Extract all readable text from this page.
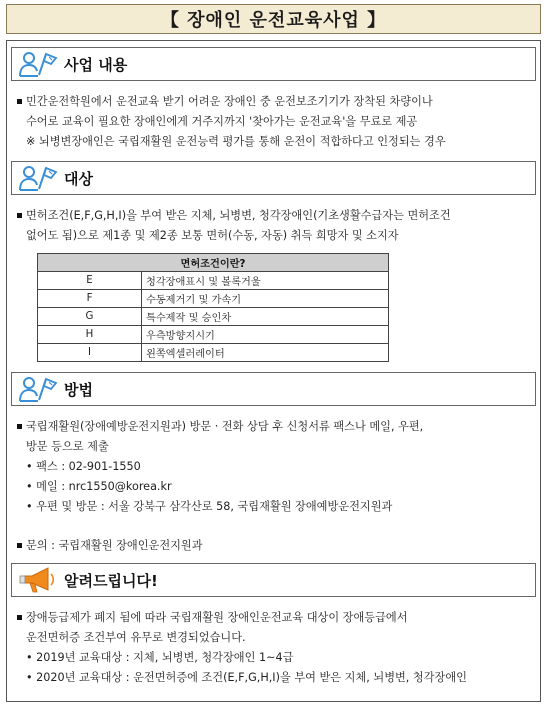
【 장애인 운전교육사업 】
사업 내용
민간운전학원에서 운전교육 받기 어려운 장애인 중 운전보조기기가 장착된 차량이나
수어로 교육이 필요한 장애인에게 거주지까지 '찾아가는 운전교육'을 무료로 제공
※ 뇌병변장애인은 국립재활원 운전능력 평가를 통해 운전이 적합하다고 인정되는 경우
대상
면허조건(E,F,G,H,I)을 부여 받은 지체, 뇌병변, 청각장애인(기초생활수급자는 면허조건
없어도 됨)으로 제1종 및 제2종 보통 면허(수동, 자동) 취득 희망자 및 소지자
면허조건이란?	
E	청각장애표시 및 볼록거울
F	수동제거기 및 가속기
G	특수제작 및 승인차
H	우측방향지시기
I	왼쪽엑셀러레이터
방법
국립재활원(장애예방운전지원과) 방문 · 전화 상담 후 신청서류 팩스나 메일, 우편,
방문 등으로 제출
• 팩스 : 02-901-1550
• 메일 : nrc1550@korea.kr
• 우편 및 방문 : 서울 강북구 삼각산로 58, 국립재활원 장애예방운전지원과
문의 : 국립재활원 장애인운전지원과
알려드립니다!
장애등급제가 폐지 됨에 따라 국립재활원 장애인운전교육 대상이 장애등급에서
운전면허증 조건부여 유무로 변경되었습니다.
• 2019년 교육대상 : 지체, 뇌병변, 청각장애인 1~4급
• 2020년 교육대상 : 운전면허증에 조건(E,F,G,H,I)을 부여 받은 지체, 뇌병변, 청각장애인
